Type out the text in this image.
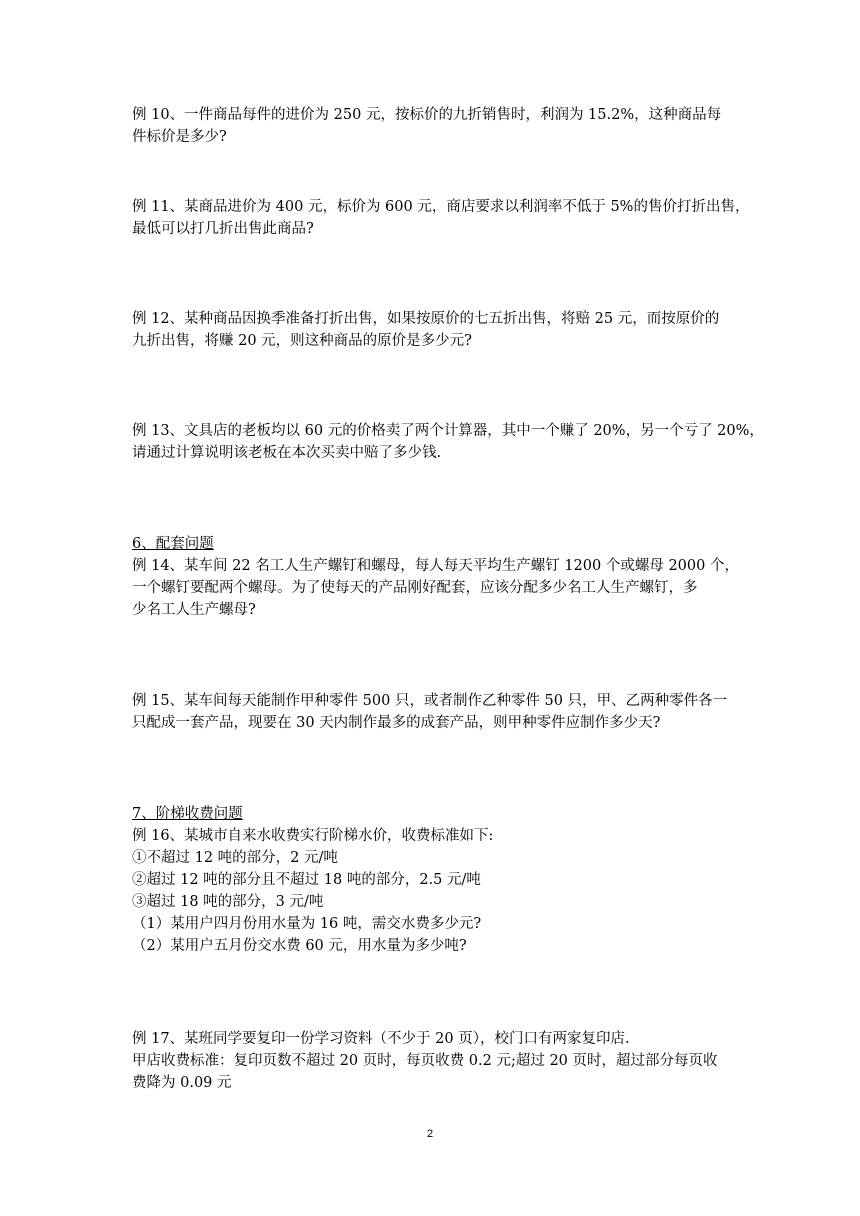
例 10、一件商品每件的进价为 250 元，按标价的九折销售时，利润为 15.2%，这种商品每
件标价是多少?
例 11、某商品进价为 400 元，标价为 600 元，商店要求以利润率不低于 5%的售价打折出售，
最低可以打几折出售此商品?
例 12、某种商品因换季准备打折出售，如果按原价的七五折出售，将赔 25 元，而按原价的
九折出售，将赚 20 元，则这种商品的原价是多少元?
例 13、文具店的老板均以 60 元的价格卖了两个计算器，其中一个赚了 20%，另一个亏了 20%，
请通过计算说明该老板在本次买卖中赔了多少钱.
6、配套问题
例 14、某车间 22 名工人生产螺钉和螺母，每人每天平均生产螺钉 1200 个或螺母 2000 个，
一个螺钉要配两个螺母。为了使每天的产品刚好配套，应该分配多少名工人生产螺钉，多
少名工人生产螺母?
例 15、某车间每天能制作甲种零件 500 只，或者制作乙种零件 50 只，甲、乙两种零件各一
只配成一套产品，现要在 30 天内制作最多的成套产品，则甲种零件应制作多少天?
7、阶梯收费问题
例 16、某城市自来水收费实行阶梯水价，收费标准如下:
①不超过 12 吨的部分，2 元/吨
②超过 12 吨的部分且不超过 18 吨的部分，2.5 元/吨
③超过 18 吨的部分，3 元/吨
（1）某用户四月份用水量为 16 吨，需交水费多少元?
（2）某用户五月份交水费 60 元，用水量为多少吨?
例 17、某班同学要复印一份学习资料（不少于 20 页），校门口有两家复印店.
甲店收费标准：复印页数不超过 20 页时，每页收费 0.2 元;超过 20 页时，超过部分每页收
费降为 0.09 元
2
